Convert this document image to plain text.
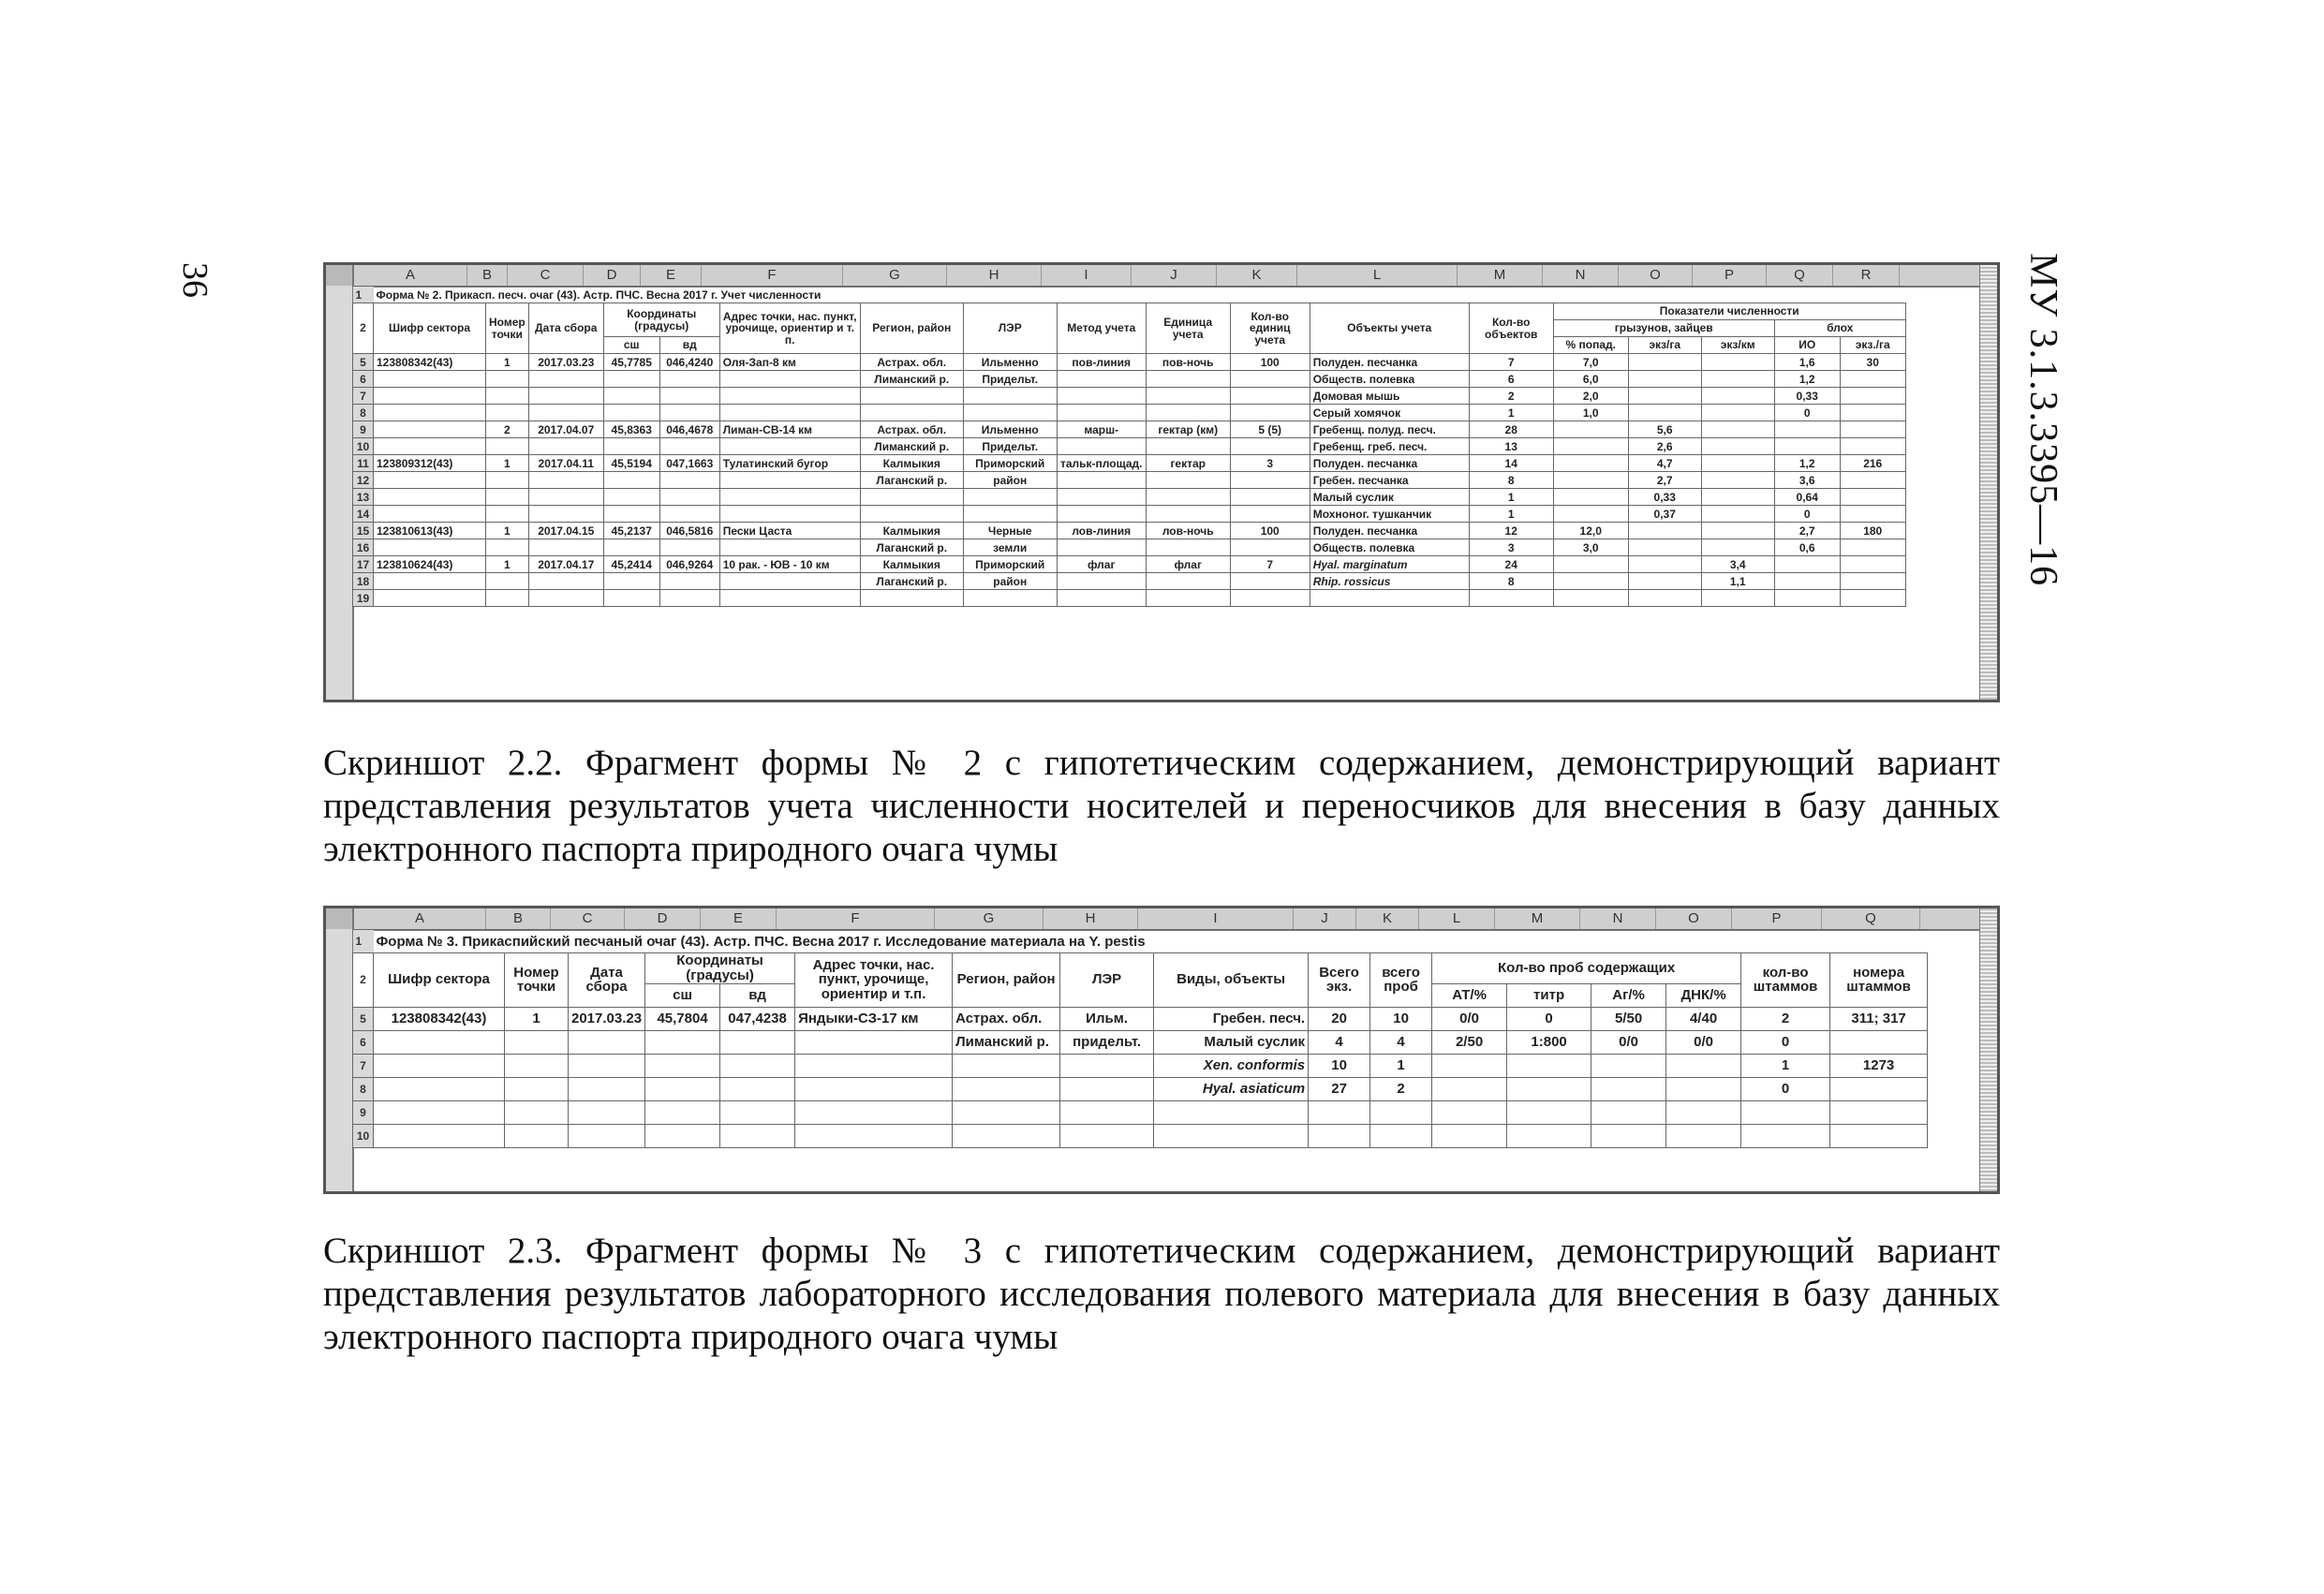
36	МУ 3.1.3.3395—16
A	B	C	D	E	F	G	H	I	J	K	L	M	N	O	P	Q	R
1	Форма № 2. Прикасп. песч. очаг (43). Астр. ПЧС. Весна 2017 г. Учет численности																	
2	Шифр сектора	Номер точки	Дата сбора	Координаты (градусы)		Адрес точки, нас. пункт, урочище, ориентир и т. п.	Регион, район	ЛЭР	Метод учета	Единица учета	Кол-во единиц учета	Объекты учета	Кол-во объектов	Показатели численности				
														грызунов, зайцев			блох	
				сш	вд									% попад.	экз/га	экз/км	ИО	экз./га
5	123808342(43)	1	2017.03.23	45,7785	046,4240	Оля-Зап-8 км	Астрах. обл.	Ильменно	пов-линия	пов-ночь	100	Полуден. песчанка	7	7,0			1,6	30
6							Лиманский р.	Придельт.				Обществ. полевка	6	6,0			1,2	
7												Домовая мышь	2	2,0			0,33	
8												Серый хомячок	1	1,0			0	
9		2	2017.04.07	45,8363	046,4678	Лиман-СВ-14 км	Астрах. обл.	Ильменно	марш-	гектар (км)	5 (5)	Гребенщ. полуд. песч.	28		5,6			
10							Лиманский р.	Придельт.				Гребенщ. греб. песч.	13		2,6			
11	123809312(43)	1	2017.04.11	45,5194	047,1663	Тулатинский бугор	Калмыкия	Приморский	тальк-площад.	гектар	3	Полуден. песчанка	14		4,7		1,2	216
12							Лаганский р.	район				Гребен. песчанка	8		2,7		3,6	
13												Малый суслик	1		0,33		0,64	
14												Мохноног. тушканчик	1		0,37		0	
15	123810613(43)	1	2017.04.15	45,2137	046,5816	Пески Цаста	Калмыкия	Черные	лов-линия	лов-ночь	100	Полуден. песчанка	12	12,0			2,7	180
16							Лаганский р.	земли				Обществ. полевка	3	3,0			0,6	
17	123810624(43)	1	2017.04.17	45,2414	046,9264	10 рак. - ЮВ - 10 км	Калмыкия	Приморский	флаг	флаг	7	Hyal. marginatum	24			3,4		
18							Лаганский р.	район				Rhip. rossicus	8			1,1		
19																		
Скриншот 2.2. Фрагмент формы № 2 с гипотетическим содержанием, демонстрирующий вариант представления результатов учета численности носителей и переносчиков для внесения в базу данных электронного паспорта природного очага чумы
A	B	C	D	E	F	G	H	I	J	K	L	M	N	O	P	Q
1	Форма № 3. Прикаспийский песчаный очаг (43). Астр. ПЧС. Весна 2017 г. Исследование материала на Y. pestis																
2	Шифр сектора	Номер точки	Дата сбора	Координаты (градусы)		Адрес точки, нас. пункт, урочище, ориентир и т.п.	Регион, район	ЛЭР	Виды, объекты	Всего экз.	всего проб	Кол-во проб содержащих				кол-во штаммов	номера штаммов

				сш	вд							АТ/%	титр	Аг/%	ДНК/%		
5	123808342(43)	1	2017.03.23	45,7804	047,4238	Яндыки-СЗ-17 км	Астрах. обл.	Ильм.	Гребен. песч.	20	10	0/0	0	5/50	4/40	2	311; 317
6							Лиманский р.	придельт.	Малый суслик	4	4	2/50	1:800	0/0	0/0	0	
7									Xen. conformis	10	1					1	1273
8									Hyal. asiaticum	27	2					0	
9																	
10																	
Скриншот 2.3. Фрагмент формы № 3 с гипотетическим содержанием, демонстрирующий вариант представления результатов лабораторного исследования полевого материала для внесения в базу данных электронного паспорта природного очага чумы
